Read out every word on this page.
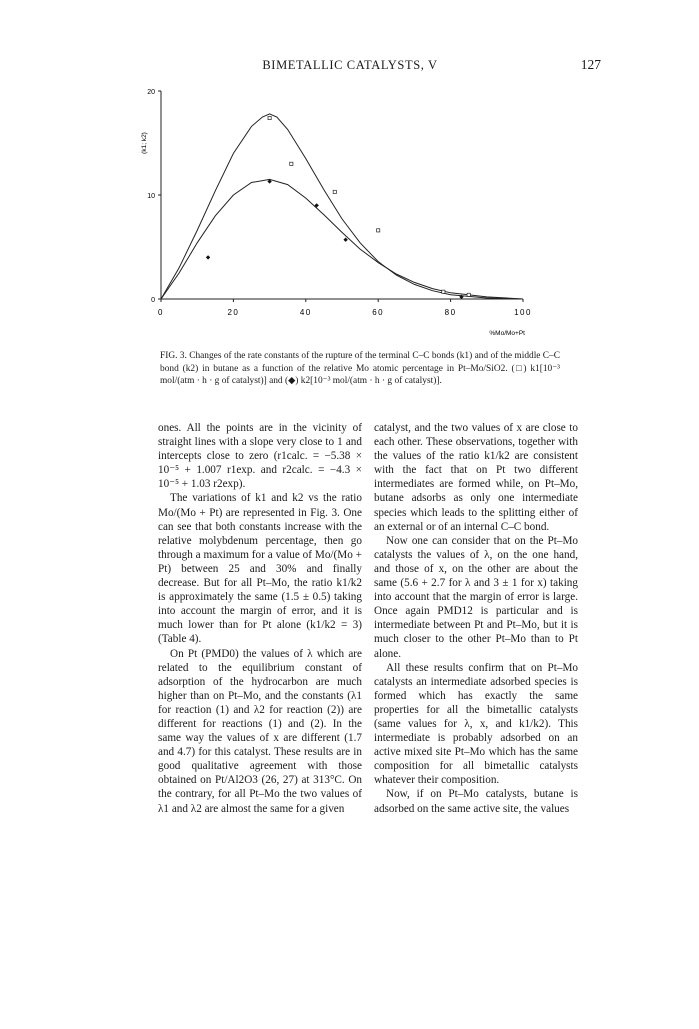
BIMETALLIC CATALYSTS, V	127
0	20	40	60	80	100
0
10
20
(k1; k2)
%Mo/Mo+Pt
FIG. 3. Changes of the rate constants of the rupture of the terminal C–C bonds (k1) and of the middle C–C bond (k2) in butane as a function of the relative Mo atomic percentage in Pt–Mo/SiO2. (□) k1[10⁻³ mol/(atm · h · g of catalyst)] and (◆) k2[10⁻³ mol/(atm · h · g of catalyst)].

ones. All the points are in the vicinity of straight lines with a slope very close to 1 and intercepts close to zero (r1calc. = −5.38 × 10⁻⁵ + 1.007 r1exp. and r2calc. = −4.3 × 10⁻⁵ + 1.03 r2exp).

The variations of k1 and k2 vs the ratio Mo/(Mo + Pt) are represented in Fig. 3. One can see that both constants increase with the relative molybdenum percentage, then go through a maximum for a value of Mo/(Mo + Pt) between 25 and 30% and finally decrease. But for all Pt–Mo, the ratio k1/k2 is approximately the same (1.5 ± 0.5) taking into account the margin of error, and it is much lower than for Pt alone (k1/k2 = 3) (Table 4).

On Pt (PMD0) the values of λ which are related to the equilibrium constant of adsorption of the hydrocarbon are much higher than on Pt–Mo, and the constants (λ1 for reaction (1) and λ2 for reaction (2)) are different for reactions (1) and (2). In the same way the values of x are different (1.7 and 4.7) for this catalyst. These results are in good qualitative agreement with those obtained on Pt/Al2O3 (26, 27) at 313°C. On the contrary, for all Pt–Mo the two values of λ1 and λ2 are almost the same for a given

catalyst, and the two values of x are close to each other. These observations, together with the values of the ratio k1/k2 are consistent with the fact that on Pt two different intermediates are formed while, on Pt–Mo, butane adsorbs as only one intermediate species which leads to the splitting either of an external or of an internal C–C bond.

Now one can consider that on the Pt–Mo catalysts the values of λ, on the one hand, and those of x, on the other are about the same (5.6 + 2.7 for λ and 3 ± 1 for x) taking into account that the margin of error is large. Once again PMD12 is particular and is intermediate between Pt and Pt–Mo, but it is much closer to the other Pt–Mo than to Pt alone.

All these results confirm that on Pt–Mo catalysts an intermediate adsorbed species is formed which has exactly the same properties for all the bimetallic catalysts (same values for λ, x, and k1/k2). This intermediate is probably adsorbed on an active mixed site Pt–Mo which has the same composition for all bimetallic catalysts whatever their composition.

Now, if on Pt–Mo catalysts, butane is adsorbed on the same active site, the values
